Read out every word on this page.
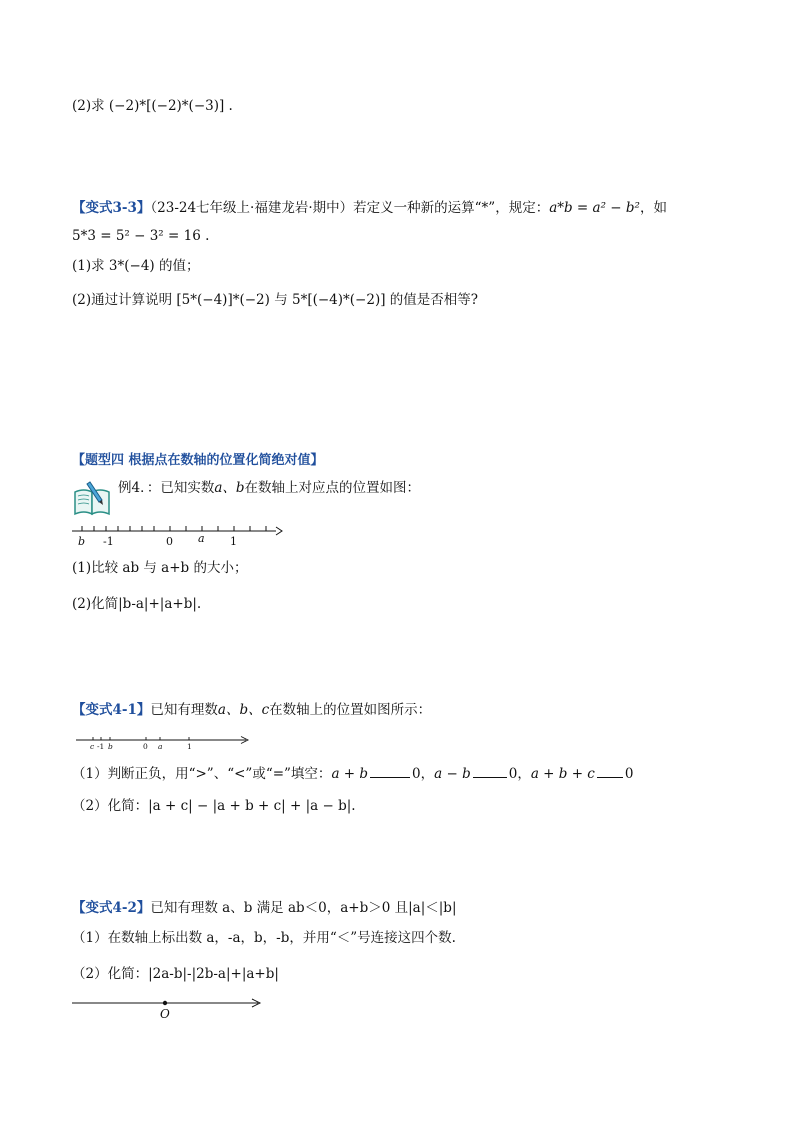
(2)求 (−2)*[(−2)*(−3)] .
【变式3-3】（23-24七年级上·福建龙岩·期中）若定义一种新的运算“*”，规定：a*b = a² − b²，如
5*3 = 5² − 3² = 16 .
(1)求 3*(−4) 的值；
(2)通过计算说明 [5*(−4)]*(−2) 与 5*[(−4)*(−2)] 的值是否相等?
【题型四 根据点在数轴的位置化简绝对值】
例4．：已知实数a、b在数轴上对应点的位置如图：
b -1	0 a 1
(1)比较 ab 与 a+b 的大小；
(2)化简|b-a|+|a+b|.
【变式4-1】已知有理数a、b、c在数轴上的位置如图所示：
c -1 b	0 a	1
（1）判断正负，用“>”、“<”或“=”填空：a + b	0，a − b	0，a + b + c 0
（2）化简：|a + c| − |a + b + c| + |a − b|.
【变式4-2】已知有理数 a、b 满足 ab＜0，a+b＞0 且|a|＜|b|
（1）在数轴上标出数 a，-a，b，-b，并用“＜”号连接这四个数.
（2）化简：|2a-b|-|2b-a|+|a+b|
O
